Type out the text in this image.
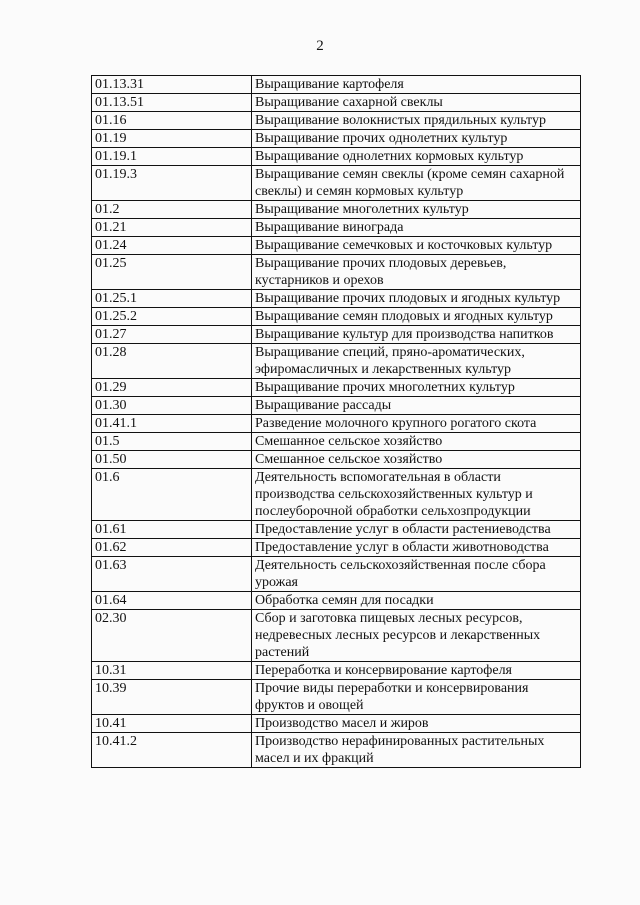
2
01.13.31	Выращивание картофеля
01.13.51	Выращивание сахарной свеклы
01.16	Выращивание волокнистых прядильных культур
01.19	Выращивание прочих однолетних культур
01.19.1	Выращивание однолетних кормовых культур
01.19.3	Выращивание семян свеклы (кроме семян сахарной свеклы) и семян кормовых культур
01.2	Выращивание многолетних культур
01.21	Выращивание винограда
01.24	Выращивание семечковых и косточковых культур
01.25	Выращивание прочих плодовых деревьев, кустарников и орехов
01.25.1	Выращивание прочих плодовых и ягодных культур
01.25.2	Выращивание семян плодовых и ягодных культур
01.27	Выращивание культур для производства напитков
01.28	Выращивание специй, пряно-ароматических, эфиромасличных и лекарственных культур
01.29	Выращивание прочих многолетних культур
01.30	Выращивание рассады
01.41.1	Разведение молочного крупного рогатого скота
01.5	Смешанное сельское хозяйство
01.50	Смешанное сельское хозяйство
01.6	Деятельность вспомогательная в области производства сельскохозяйственных культур и послеуборочной обработки сельхозпродукции
01.61	Предоставление услуг в области растениеводства
01.62	Предоставление услуг в области животноводства
01.63	Деятельность сельскохозяйственная после сбора урожая
01.64	Обработка семян для посадки
02.30	Сбор и заготовка пищевых лесных ресурсов, недревесных лесных ресурсов и лекарственных растений
10.31	Переработка и консервирование картофеля
10.39	Прочие виды переработки и консервирования фруктов и овощей
10.41	Производство масел и жиров
10.41.2	Производство нерафинированных растительных масел и их фракций
